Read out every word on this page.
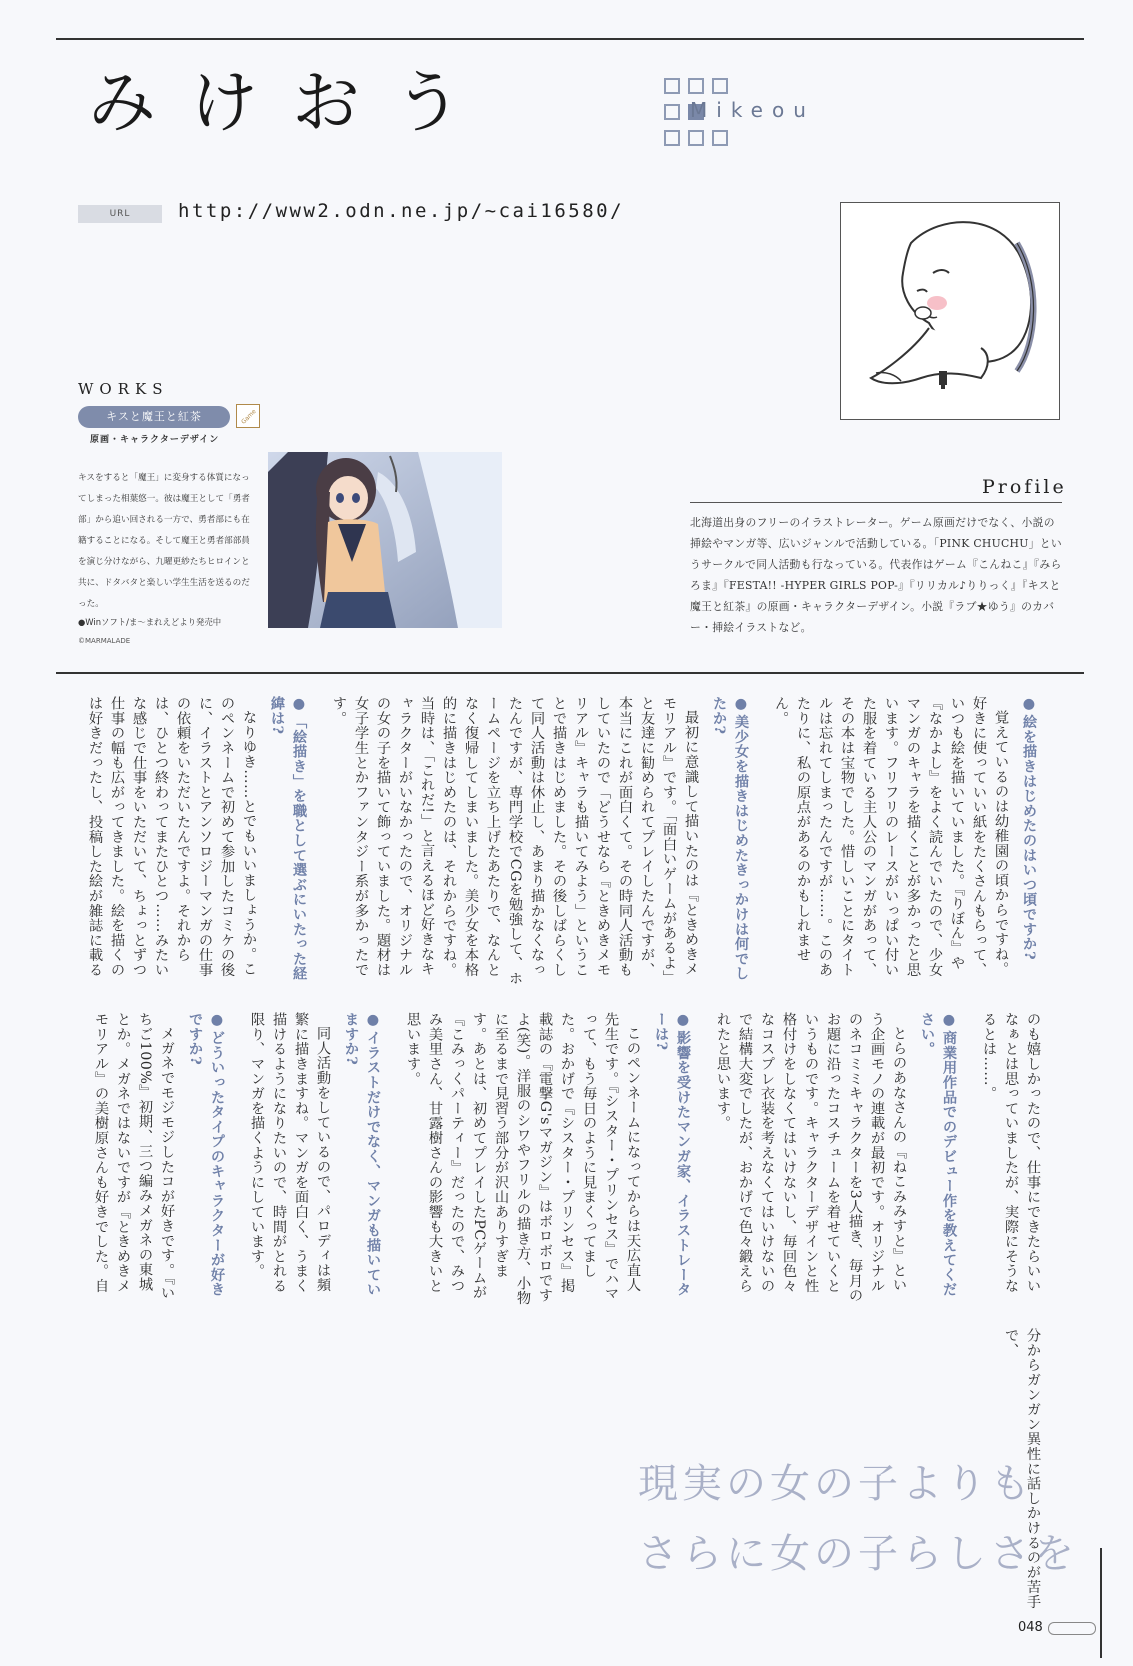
みけおう	Mikeou
URL	http://www2.odn.ne.jp/~cai16580/
WORKS
キスと魔王と紅茶	Game
原画・キャラクターデザイン
キスをすると「魔王」に変身する体質になってしまった相葉悠一。彼は魔王として「勇者部」から追い回される一方で、勇者部にも在籍することになる。そして魔王と勇者部部員を演じ分けながら、九曜更紗たちヒロインと共に、ドタバタと楽しい学生生活を送るのだった。
●Winソフト/ま〜まれえどより発売中
©MARMALADE
Profile
北海道出身のフリーのイラストレーター。ゲーム原画だけでなく、小説の挿絵やマンガ等、広いジャンルで活動している。「PINK CHUCHU」というサークルで同人活動も行なっている。代表作はゲーム『こんねこ』『みらろま』『FESTA!! -HYPER GIRLS POP-』『リリカル♪りりっく』『キスと魔王と紅茶』の原画・キャラクターデザイン。小説『ラブ★ゆう』のカバー・挿絵イラストなど。
● 絵を描きはじめたのはいつ頃ですか?
覚えているのは幼稚園の頃からですね。好きに使っていい紙をたくさんもらって、いつも絵を描いていました。『りぼん』や『なかよし』をよく読んでいたので、少女マンガのキャラを描くことが多かったと思います。フリフリのレースがいっぱい付いた服を着ている主人公のマンガがあって、その本は宝物でした。惜しいことにタイトルは忘れてしまったんですが……。このあたりに、私の原点があるのかもしれません。
● 美少女を描きはじめたきっかけは何でしたか?
最初に意識して描いたのは『ときめきメモリアル』です。「面白いゲームがあるよ」と友達に勧められてプレイしたんですが、本当にこれが面白くて。その時同人活動もしていたので「どうせなら『ときめきメモリアル』キャラも描いてみよう」ということで描きはじめました。その後しばらくして同人活動は休止し、あまり描かなくなったんですが、専門学校でCGを勉強して、ホームページを立ち上げたあたりで、なんとなく復帰してしまいました。美少女を本格的に描きはじめたのは、それからですね。当時は、「これだ!」と言えるほど好きなキャラクターがいなかったので、オリジナルの女の子を描いて飾っていました。題材は女子学生とかファンタジー系が多かったです。
● 「絵描き」を職として選ぶにいたった経緯は?
なりゆき……とでもいいましょうか。このペンネームで初めて参加したコミケの後に、イラストとアンソロジーマンガの仕事の依頼をいただいたんですよ。それからは、ひとつ終わってまたひとつ……みたいな感じで仕事をいただいて、ちょっとずつ仕事の幅も広がってきました。絵を描くのは好きだったし、投稿した絵が雑誌に載るのも嬉しかったので、仕事にできたらいいなぁとは思っていましたが、実際にそうなるとは……。
● 商業用作品でのデビュー作を教えてください。
とらのあなさんの『ねこみみすと』という企画モノの連載が最初です。オリジナルのネコミミキャラクターを3人描き、毎月のお題に沿ったコスチュームを着せていくというものです。キャラクターデザインと性格付けをしなくてはいけないし、毎回色々なコスプレ衣装を考えなくてはいけないので結構大変でしたが、おかげで色々鍛えられたと思います。
● 影響を受けたマンガ家、イラストレーターは?
このペンネームになってからは天広直人先生です。『シスター・プリンセス』でハマって、もう毎日のように見まくってました。おかげで『シスター・プリンセス』掲載誌の『電撃G'sマガジン』はボロボロですよ(笑)。洋服のシワやフリルの描き方、小物に至るまで見習う部分が沢山ありすぎます。あとは、初めてプレイしたPCゲームが『こみっくパーティー』だったので、みつみ美里さん、甘露樹さんの影響も大きいと思います。
● イラストだけでなく、マンガも描いていますか?
同人活動をしているので、パロディは頻繁に描きますね。マンガを面白く、うまく描けるようになりたいので、時間がとれる限り、マンガを描くようにしています。
● どういったタイプのキャラクターが好きですか?
メガネでモジモジしたコが好きです。『いちご100%』初期、三つ編みメガネの東城とか。メガネではないですが『ときめきメモリアル』の美樹原さんも好きでした。自分からガンガン異性に話しかけるのが苦手で、
現実の女の子よりも
さらに女の子らしさを
048
